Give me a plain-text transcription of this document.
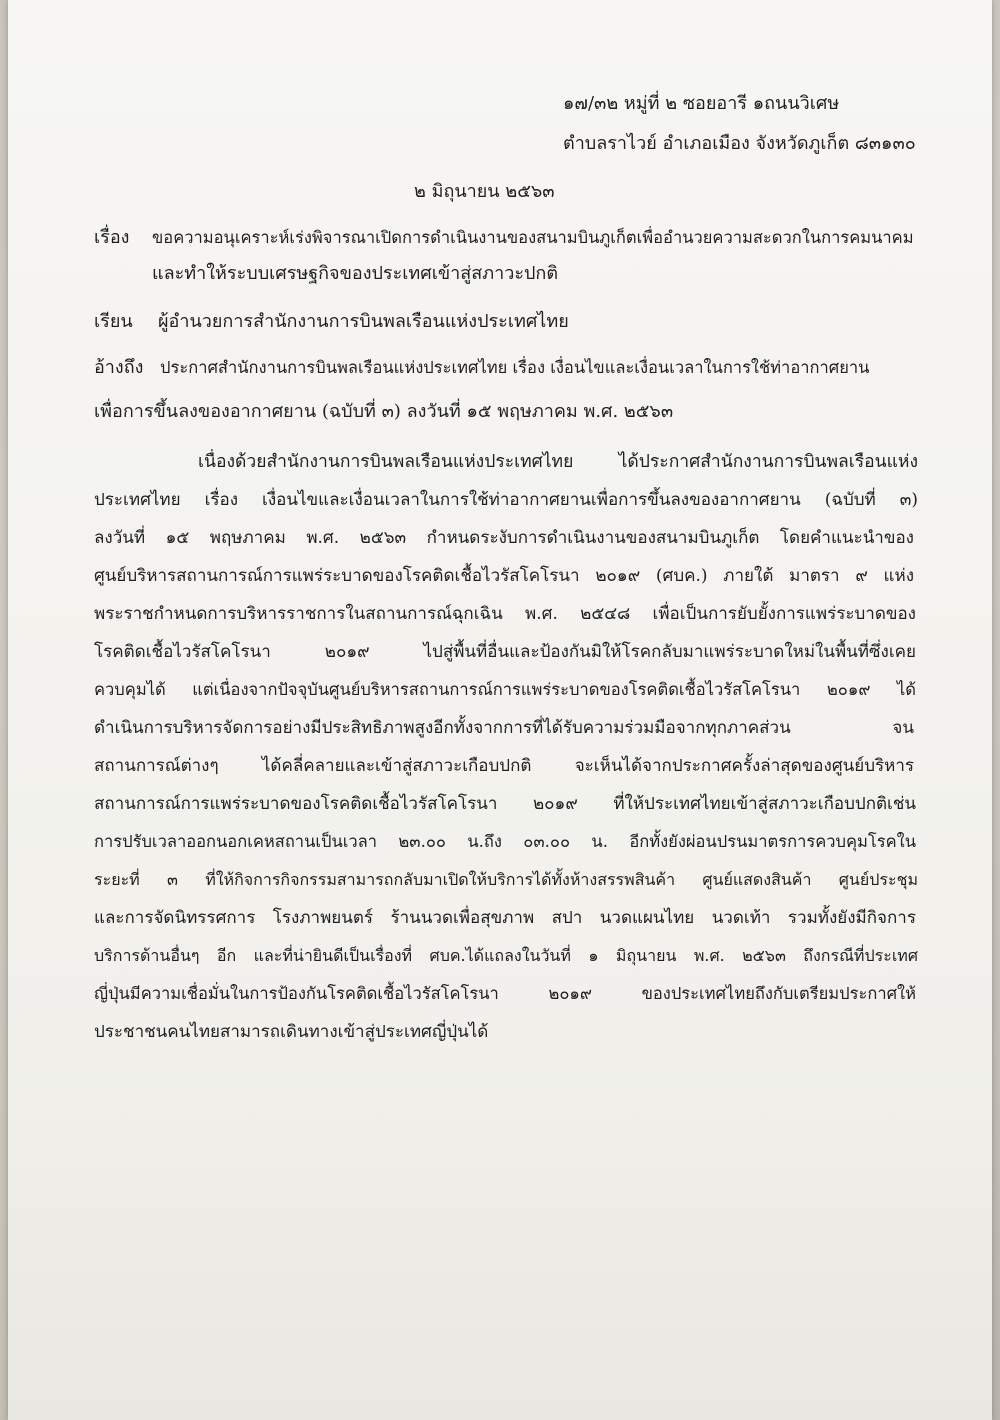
๑๗/๓๒ หมู่ที่ ๒ ซอยอารี ๑ถนนวิเศษ
ตำบลราไวย์ อำเภอเมือง จังหวัดภูเก็ต ๘๓๑๓๐
๒ มิถุนายน ๒๕๖๓
เรื่อง ขอความอนุเคราะห์เร่งพิจารณาเปิดการดำเนินงานของสนามบินภูเก็ตเพื่ออำนวยความสะดวกในการคมนาคม
และทำให้ระบบเศรษฐกิจของประเทศเข้าสู่สภาวะปกติ
เรียน ผู้อำนวยการสำนักงานการบินพลเรือนแห่งประเทศไทย
อ้างถึง ประกาศสำนักงานการบินพลเรือนแห่งประเทศไทย เรื่อง เงื่อนไขและเงื่อนเวลาในการใช้ท่าอากาศยาน
เพื่อการขึ้นลงของอากาศยาน (ฉบับที่ ๓) ลงวันที่ ๑๕ พฤษภาคม พ.ศ. ๒๕๖๓
เนื่องด้วยสำนักงานการบินพลเรือนแห่งประเทศไทย ได้ประกาศสำนักงานการบินพลเรือนแห่ง
ประเทศไทย เรื่อง เงื่อนไขและเงื่อนเวลาในการใช้ท่าอากาศยานเพื่อการขึ้นลงของอากาศยาน (ฉบับที่ ๓)
ลงวันที่ ๑๕ พฤษภาคม พ.ศ. ๒๕๖๓ กำหนดระงับการดำเนินงานของสนามบินภูเก็ต โดยคำแนะนำของ
ศูนย์บริหารสถานการณ์การแพร่ระบาดของโรคติดเชื้อไวรัสโคโรนา ๒๐๑๙ (ศบค.) ภายใต้ มาตรา ๙ แห่ง
พระราชกำหนดการบริหารราชการในสถานการณ์ฉุกเฉิน พ.ศ. ๒๕๔๘ เพื่อเป็นการยับยั้งการแพร่ระบาดของ
โรคติดเชื้อไวรัสโคโรนา ๒๐๑๙ ไปสู่พื้นที่อื่นและป้องกันมิให้โรคกลับมาแพร่ระบาดใหม่ในพื้นที่ซึ่งเคย
ควบคุมได้ แต่เนื่องจากปัจจุบันศูนย์บริหารสถานการณ์การแพร่ระบาดของโรคติดเชื้อไวรัสโคโรนา ๒๐๑๙ ได้
ดำเนินการบริหารจัดการอย่างมีประสิทธิภาพสูงอีกทั้งจากการที่ได้รับความร่วมมือจากทุกภาคส่วน จน
สถานการณ์ต่างๆ ได้คลี่คลายและเข้าสู่สภาวะเกือบปกติ จะเห็นได้จากประกาศครั้งล่าสุดของศูนย์บริหาร
สถานการณ์การแพร่ระบาดของโรคติดเชื้อไวรัสโคโรนา ๒๐๑๙ ที่ให้ประเทศไทยเข้าสู่สภาวะเกือบปกติเช่น
การปรับเวลาออกนอกเคหสถานเป็นเวลา ๒๓.๐๐ น.ถึง ๐๓.๐๐ น. อีกทั้งยังผ่อนปรนมาตรการควบคุมโรคใน
ระยะที่ ๓ ที่ให้กิจการกิจกรรมสามารถกลับมาเปิดให้บริการได้ทั้งห้างสรรพสินค้า ศูนย์แสดงสินค้า ศูนย์ประชุม
และการจัดนิทรรศการ โรงภาพยนตร์ ร้านนวดเพื่อสุขภาพ สปา นวดแผนไทย นวดเท้า รวมทั้งยังมีกิจการ
บริการด้านอื่นๆ อีก และที่น่ายินดีเป็นเรื่องที่ ศบค.ได้แถลงในวันที่ ๑ มิถุนายน พ.ศ. ๒๕๖๓ ถึงกรณีที่ประเทศ
ญี่ปุ่นมีความเชื่อมั่นในการป้องกันโรคติดเชื้อไวรัสโคโรนา ๒๐๑๙ ของประเทศไทยถึงกับเตรียมประกาศให้
ประชาชนคนไทยสามารถเดินทางเข้าสู่ประเทศญี่ปุ่นได้
